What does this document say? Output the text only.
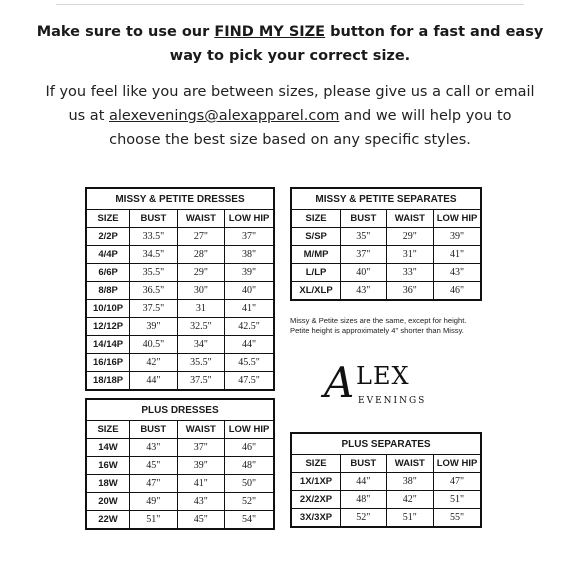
Make sure to use our FIND MY SIZE button for a fast and easy
way to pick your correct size.
If you feel like you are between sizes, please give us a call or email
us at alexevenings@alexapparel.com and we will help you to
choose the best size based on any specific styles.
MISSY & PETITE DRESSES			
SIZE	BUST	WAIST	LOW HIP
2/2P	33.5"	27"	37"
4/4P	34.5"	28"	38"
6/6P	35.5"	29"	39"
8/8P	36.5"	30"	40"
10/10P	37.5"	31	41"
12/12P	39"	32.5"	42.5"
14/14P	40.5"	34"	44"
16/16P	42"	35.5"	45.5"
18/18P	44"	37.5"	47.5"
MISSY & PETITE SEPARATES			
SIZE	BUST	WAIST	LOW HIP
S/SP	35"	29"	39"
M/MP	37"	31"	41"
L/LP	40"	33"	43"
XL/XLP	43"	36"	46"
Missy & Petite sizes are the same, except for height.
Petite height is approximately 4" shorter than Missy.
A LEX
EVENINGS
PLUS DRESSES			
SIZE	BUST	WAIST	LOW HIP
14W	43"	37"	46"
16W	45"	39"	48"
18W	47"	41"	50"
20W	49"	43"	52"
22W	51"	45"	54"
PLUS SEPARATES			
SIZE	BUST	WAIST	LOW HIP
1X/1XP	44"	38"	47"
2X/2XP	48"	42"	51"
3X/3XP	52"	51"	55"
